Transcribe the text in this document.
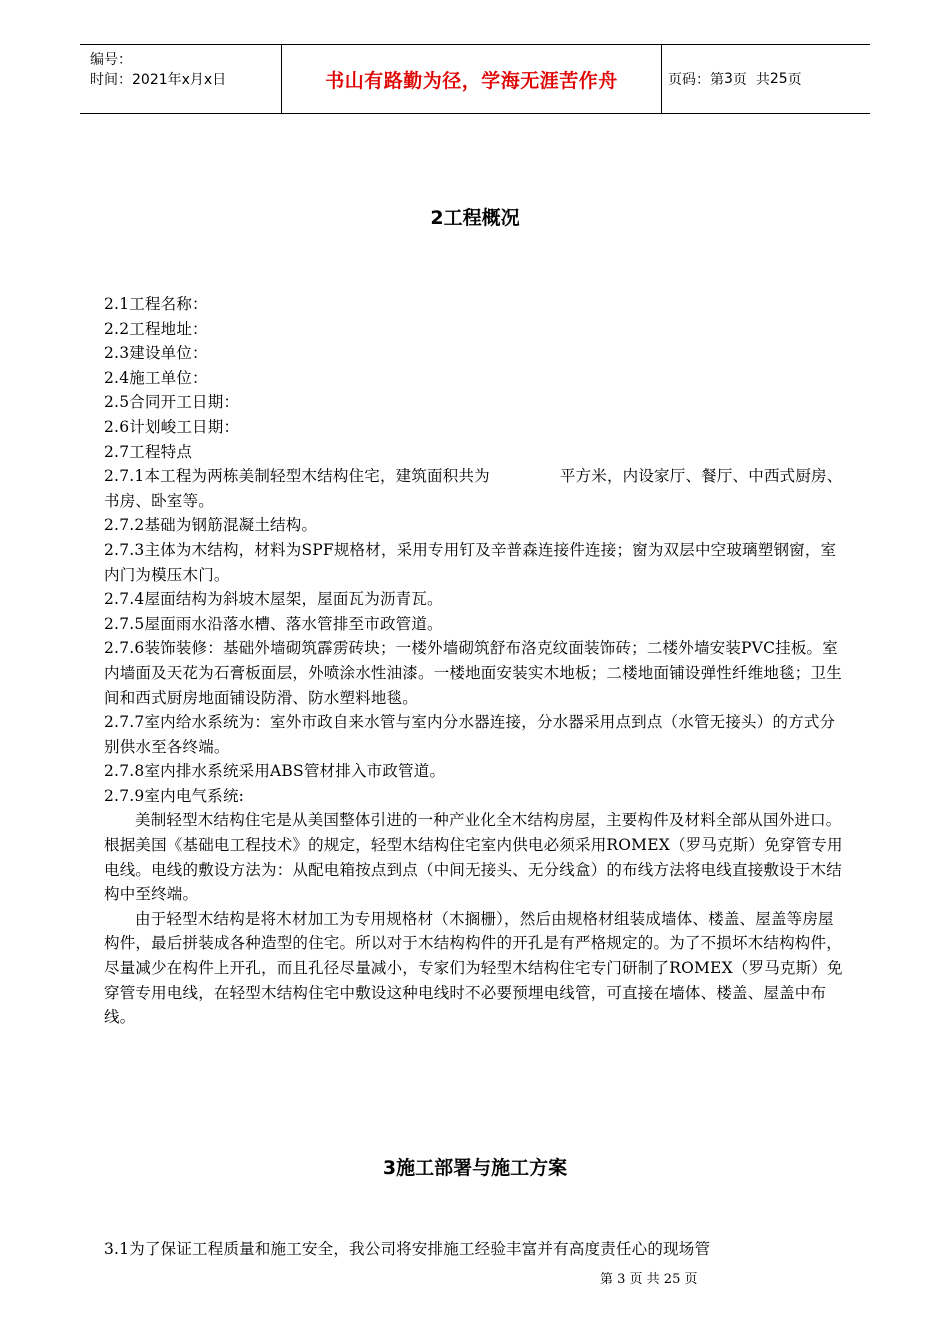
编号：
时间：2021年x月x日	书山有路勤为径，学海无涯苦作舟	页码：第 3 页  共 25 页
2工程概况

2.1工程名称：

2.2工程地址：

2.3建设单位：

2.4施工单位：

2.5合同开工日期：

2.6计划峻工日期：

2.7工程特点

2.7.1本工程为两栋美制轻型木结构住宅，建筑面积共为	平方米，内设家厅、餐厅、中西式厨房、书房、卧室等。

2.7.2基础为钢筋混凝土结构。

2.7.3主体为木结构，材料为SPF规格材，采用专用钉及辛普森连接件连接；窗为双层中空玻璃塑钢窗，室内门为模压木门。

2.7.4屋面结构为斜坡木屋架，屋面瓦为沥青瓦。

2.7.5屋面雨水沿落水槽、落水管排至市政管道。

2.7.6装饰装修：基础外墙砌筑霹雳砖块；一楼外墙砌筑舒布洛克纹面装饰砖；二楼外墙安装PVC挂板。室内墙面及天花为石膏板面层，外喷涂水性油漆。一楼地面安装实木地板；二楼地面铺设弹性纤维地毯；卫生间和西式厨房地面铺设防滑、防水塑料地毯。

2.7.7室内给水系统为：室外市政自来水管与室内分水器连接，分水器采用点到点（水管无接头）的方式分别供水至各终端。

2.7.8室内排水系统采用ABS管材排入市政管道。

2.7.9室内电气系统:

美制轻型木结构住宅是从美国整体引进的一种产业化全木结构房屋，主要构件及材料全部从国外进口。根据美国《基础电工程技术》的规定，轻型木结构住宅室内供电必须采用ROMEX（罗马克斯）免穿管专用电线。电线的敷设方法为：从配电箱按点到点（中间无接头、无分线盒）的布线方法将电线直接敷设于木结构中至终端。

由于轻型木结构是将木材加工为专用规格材（木搁栅），然后由规格材组装成墙体、楼盖、屋盖等房屋构件，最后拼装成各种造型的住宅。所以对于木结构构件的开孔是有严格规定的。为了不损坏木结构构件，尽量减少在构件上开孔，而且孔径尽量减小，专家们为轻型木结构住宅专门研制了ROMEX（罗马克斯）免穿管专用电线，在轻型木结构住宅中敷设这种电线时不必要预埋电线管，可直接在墙体、楼盖、屋盖中布线。

3施工部署与施工方案

3.1为了保证工程质量和施工安全，我公司将安排施工经验丰富并有高度责任心的现场管

第 3 页 共 25 页
